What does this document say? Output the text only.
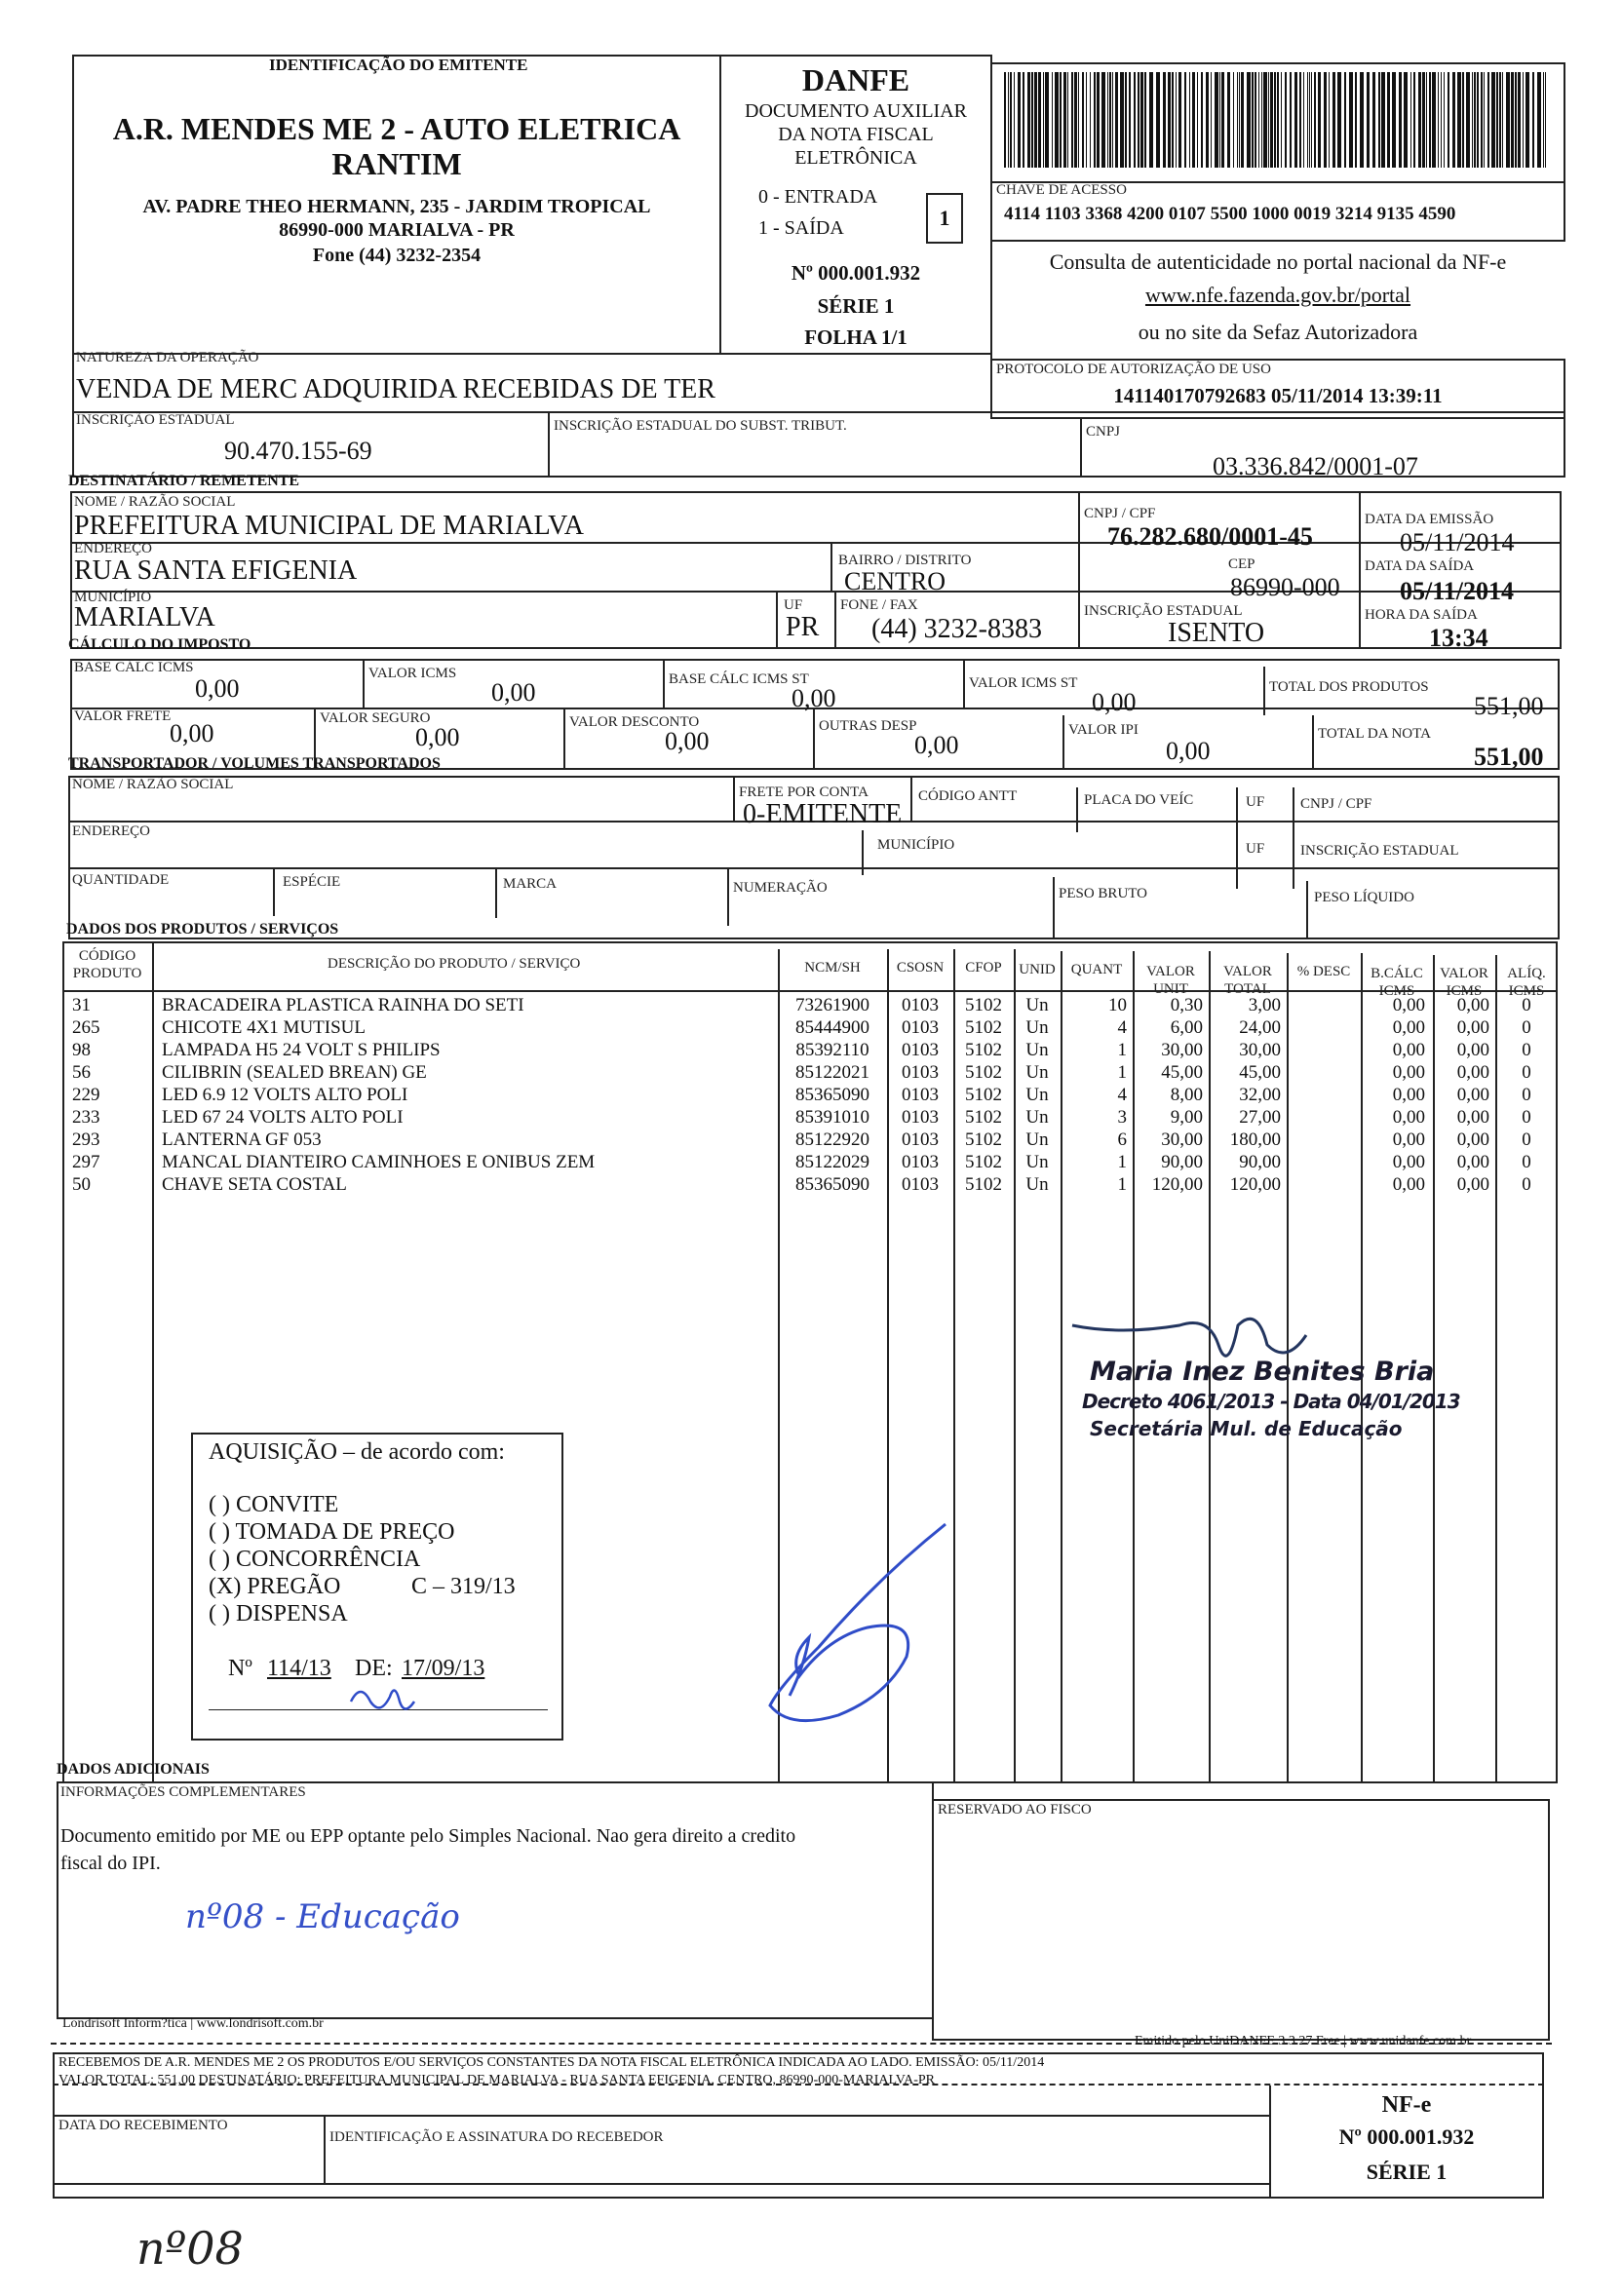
IDENTIFICAÇÃO DO EMITENTE
A.R. MENDES ME 2 - AUTO ELETRICA
RANTIM
AV. PADRE THEO HERMANN, 235 - JARDIM TROPICAL
86990-000 MARIALVA - PR
Fone (44) 3232-2354
DANFE
DOCUMENTO AUXILIAR
DA NOTA FISCAL
ELETRÔNICA
0 - ENTRADA
1 - SAÍDA	1
Nº 000.001.932
SÉRIE 1
FOLHA 1/1
CHAVE DE ACESSO
4114 1103 3368 4200 0107 5500 1000 0019 3214 9135 4590
Consulta de autenticidade no portal nacional da NF-e
www.nfe.fazenda.gov.br/portal
ou no site da Sefaz Autorizadora
NATUREZA DA OPERAÇÃO
VENDA DE MERC ADQUIRIDA RECEBIDAS DE TER
PROTOCOLO DE AUTORIZAÇÃO DE USO
141140170792683 05/11/2014 13:39:11
INSCRIÇÃO ESTADUAL
90.470.155-69
INSCRIÇÃO ESTADUAL DO SUBST. TRIBUT.	CNPJ
03.336.842/0001-07
DESTINATÁRIO / REMETENTE
NOME / RAZÃO SOCIAL
PREFEITURA MUNICIPAL DE MARIALVA	CNPJ / CPF
76.282.680/0001-45
DATA DA EMISSÃO
05/11/2014
ENDEREÇO
RUA SANTA EFIGENIA	BAIRRO / DISTRITO
CENTRO
CEP
86990-000
DATA DA SAÍDA
05/11/2014
MUNICÍPIO
MARIALVA	UF
PR
FONE / FAX
(44) 3232-8383
INSCRIÇÃO ESTADUAL
ISENTO
HORA DA SAÍDA
13:34
CÁLCULO DO IMPOSTO
BASE CÁLC ICMS
0,00
VALOR ICMS
0,00	BASE CÁLC ICMS ST
0,00
VALOR ICMS ST
0,00
TOTAL DOS PRODUTOS
551,00
VALOR FRETE
0,00
VALOR SEGURO
0,00
VALOR DESCONTO
0,00
OUTRAS DESP
0,00
VALOR IPI
0,00
TOTAL DA NOTA
551,00
TRANSPORTADOR / VOLUMES TRANSPORTADOS
NOME / RAZÃO SOCIAL	FRETE POR CONTA
0-EMITENTE
CÓDIGO ANTT	PLACA DO VEÍC	UF CNPJ / CPF
ENDEREÇO
MUNICÍPIO	UF INSCRIÇÃO ESTADUAL
QUANTIDADE	ESPÉCIE	MARCA	NUMERAÇÃO	PESO BRUTO	PESO LÍQUIDO
DADOS DOS PRODUTOS / SERVIÇOS
CÓDIGO
PRODUTO
DESCRIÇÃO DO PRODUTO / SERVIÇO	NCM/SH	CSOSN	CFOP	UNID	QUANT	VALOR
UNIT
VALOR
TOTAL
% DESC	B.CÁLC
ICMS
VALOR
ICMS
ALÍQ.
ICMS
31	BRACADEIRA PLASTICA RAINHA DO SETI	73261900	0103	5102	Un	10	0,30	3,00	0,00	0,00	0
265	CHICOTE 4X1 MUTISUL	85444900	0103	5102	Un	4	6,00	24,00	0,00	0,00	0
98	LAMPADA H5 24 VOLT S PHILIPS	85392110	0103	5102	Un	1	30,00	30,00	0,00	0,00	0
56	CILIBRIN (SEALED BREAN) GE	85122021	0103	5102	Un	1	45,00	45,00	0,00	0,00	0
229	LED 6.9 12 VOLTS ALTO POLI	85365090	0103	5102	Un	4	8,00	32,00	0,00	0,00	0
233	LED 67 24 VOLTS ALTO POLI	85391010	0103	5102	Un	3	9,00	27,00	0,00	0,00	0
293	LANTERNA GF 053	85122920	0103	5102	Un	6	30,00	180,00	0,00	0,00	0
297	MANCAL DIANTEIRO CAMINHOES E ONIBUS ZEM	85122029	0103	5102	Un	1	90,00	90,00	0,00	0,00	0
50	CHAVE SETA COSTAL	85365090	0103	5102	Un	1	120,00	120,00	0,00	0,00	0
Maria Inez Benites Bria
Decreto 4061/2013 - Data 04/01/2013
Secretária Mul. de Educação
AQUISIÇÃO – de acordo com:
( ) CONVITE
( ) TOMADA DE PREÇO
( ) CONCORRÊNCIA
(X) PREGÃO	C – 319/13
( ) DISPENSA
Nº 114/13 DE: 17/09/13
DADOS ADICIONAIS
INFORMAÇÕES COMPLEMENTARES
Documento emitido por ME ou EPP optante pelo Simples Nacional. Nao gera direito a credito
fiscal do IPI.
nº08 - Educação
RESERVADO AO FISCO
Londrisoft Inform?tica | www.londrisoft.com.br
Emitido pelo UniDANFE 3.3.27 Free | www.unidanfe.com.br
RECEBEMOS DE A.R. MENDES ME 2 OS PRODUTOS E/OU SERVIÇOS CONSTANTES DA NOTA FISCAL ELETRÔNICA INDICADA AO LADO. EMISSÃO: 05/11/2014
VALOR TOTAL: 551,00 DESTINATÁRIO: PREFEITURA MUNICIPAL DE MARIALVA - RUA SANTA EFIGENIA, CENTRO, 86990-000-MARIALVA-PR
DATA DO RECEBIMENTO
IDENTIFICAÇÃO E ASSINATURA DO RECEBEDOR
NF-e
Nº 000.001.932
SÉRIE 1
nº08
